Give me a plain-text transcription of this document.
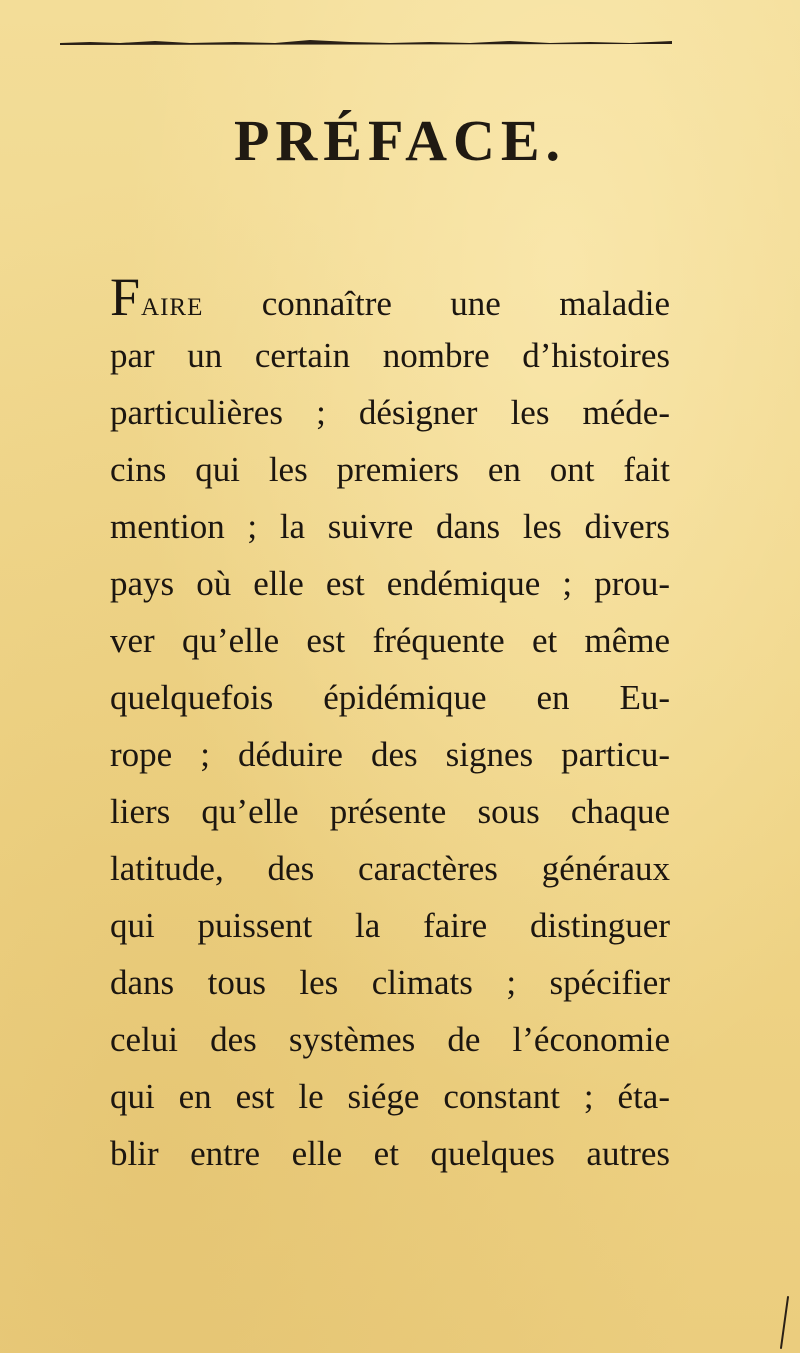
PRÉFACE.
Faire connaître une maladie
par un certain nombre d’histoires
particulières ; désigner les méde-
cins qui les premiers en ont fait
mention ; la suivre dans les divers
pays où elle est endémique ; prou-
ver qu’elle est fréquente et même
quelquefois épidémique en Eu-
rope ; déduire des signes particu-
liers qu’elle présente sous chaque
latitude, des caractères généraux
qui puissent la faire distinguer
dans tous les climats ; spécifier
celui des systèmes de l’économie
qui en est le siége constant ; éta-
blir entre elle et quelques autres
